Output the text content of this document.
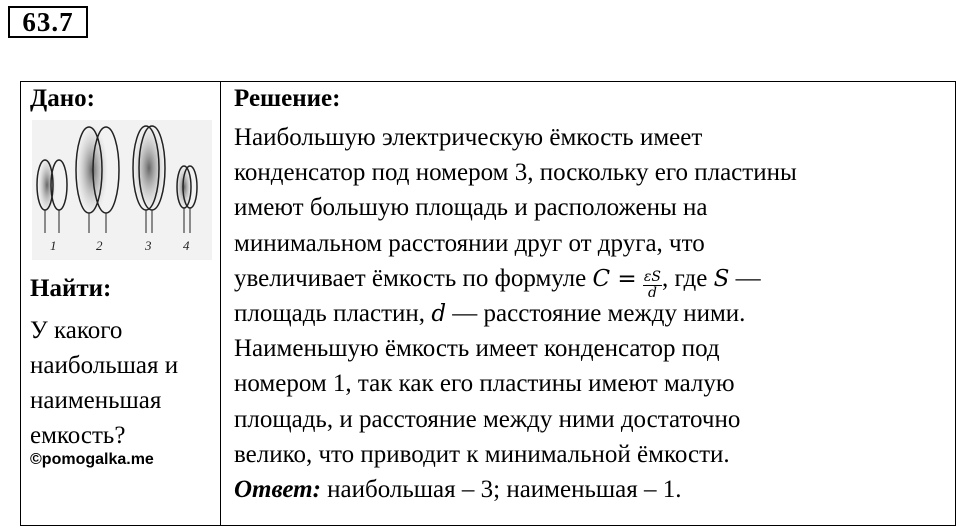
63.7
Дано:
1	2	3 4
Найти:
У какого
наибольшая и
наименьшая
емкость?
©pomogalka.me
Решение:
Наибольшую электрическую ёмкость имеет
конденсатор под номером 3, поскольку его пластины
имеют большую площадь и расположены на
минимальном расстоянии друг от друга, что
увеличивает ёмкость по формуле $C = \frac{\varepsilon S}{d}$ , где S —
площадь пластин, d — расстояние между ними.
Наименьшую ёмкость имеет конденсатор под
номером 1, так как его пластины имеют малую
площадь, и расстояние между ними достаточно
велико, что приводит к минимальной ёмкости.
Ответ: наибольшая – 3; наименьшая – 1.
